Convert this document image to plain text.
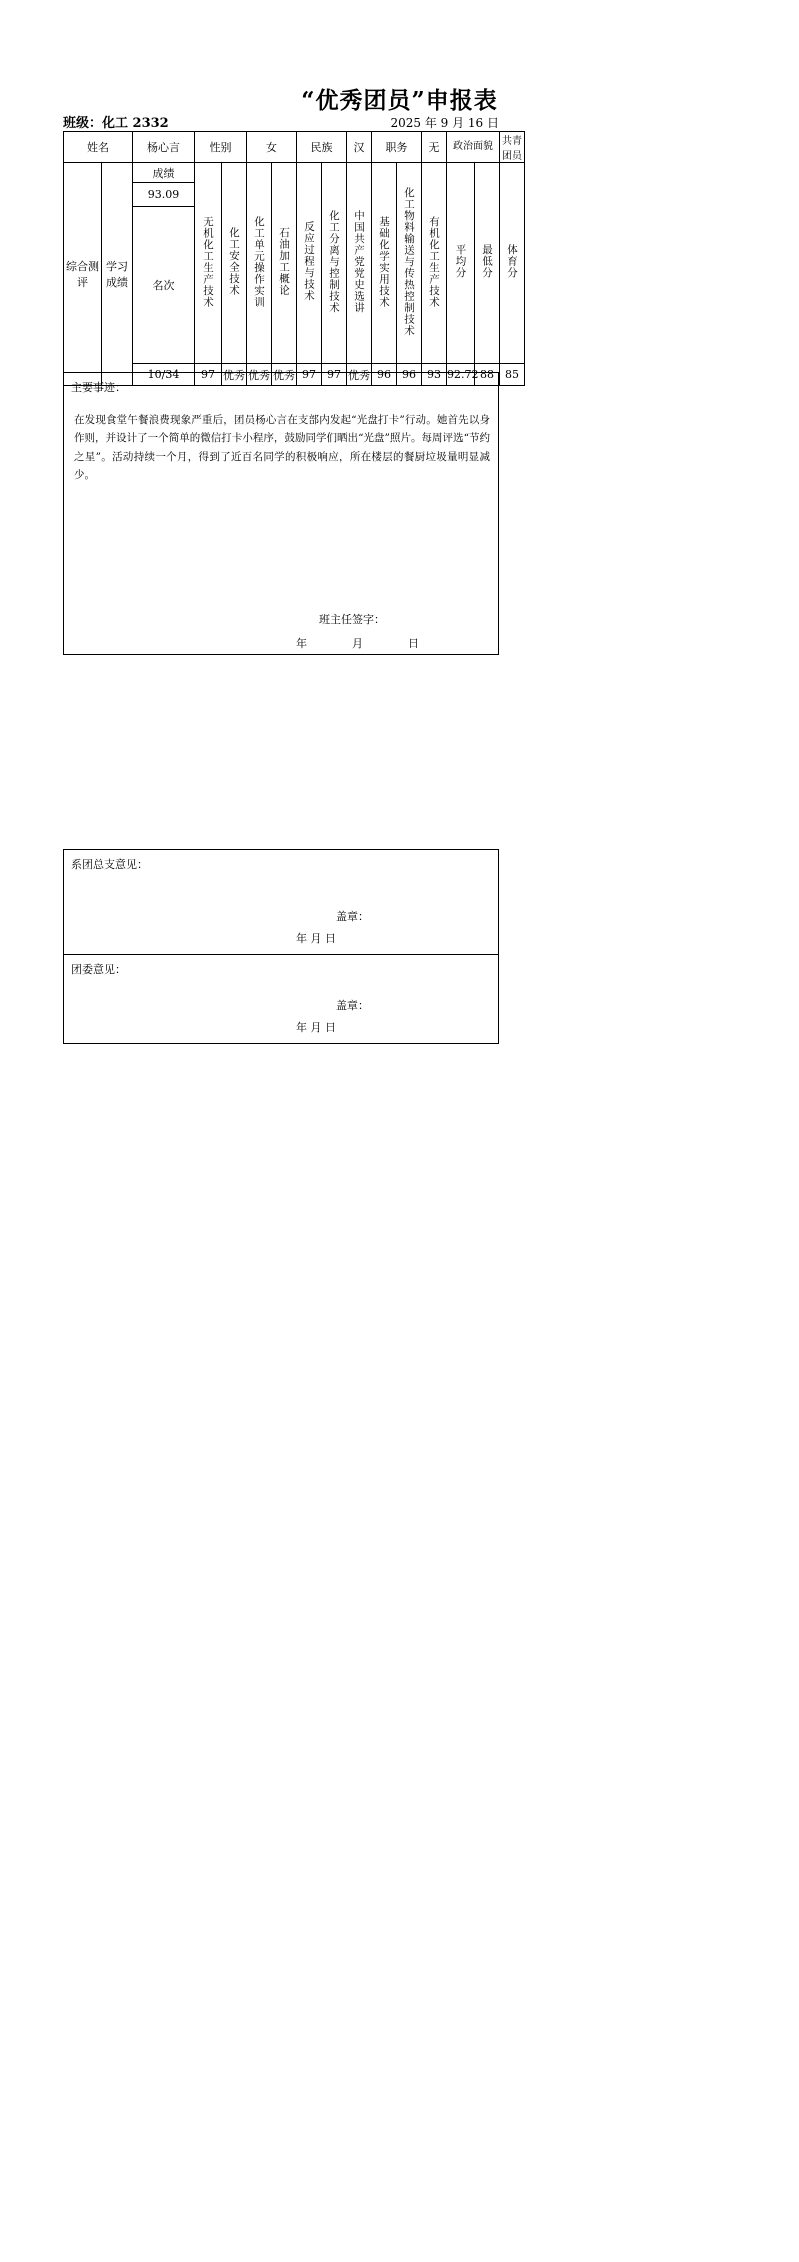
“优秀团员”申报表
班级：化工 2332	2025 年 9 月 16 日
姓名		杨心言	性别		女		民族		汉	职务		无	政治面貌		共青团员

综合测评	学习成绩	成绩	无机化工生产技术	化工安全技术	化工单元操作实训	石油加工概论	反应过程与技术	化工分离与控制技术	中国共产党党史选讲	基础化学实用技术	化工物料输送与传热控制技术	有机化工生产技术	平均分	最低分	体育分
		93.09													

		名次													

		10/34	97	优秀	优秀	优秀	97	97	优秀	96	96	93	92.72	88	85
主要事迹：
在发现食堂午餐浪费现象严重后，团员杨心言在支部内发起“光盘打卡”行动。她首先以身作则，并设计了一个简单的微信打卡小程序，鼓励同学们晒出“光盘”照片。每周评选“节约之星”。活动持续一个月，得到了近百名同学的积极响应，所在楼层的餐厨垃圾量明显减少。
班主任签字：
年	月	日
系团总支意见：
盖章：
年 月 日
团委意见：
盖章：
年 月 日
